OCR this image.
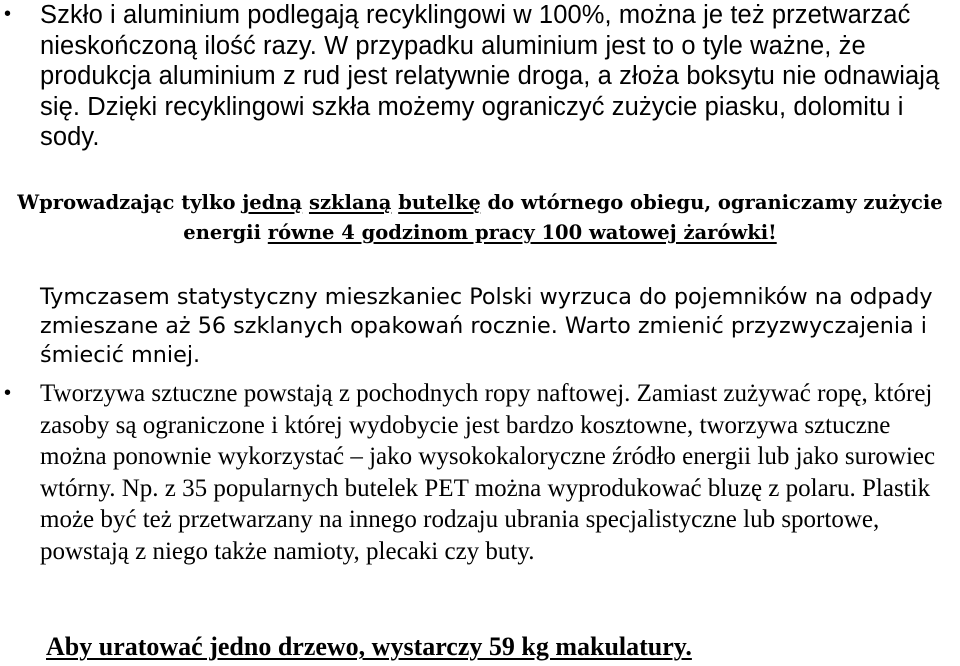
• Szkło i aluminium podlegają recyklingowi w 100%, można je też przetwarzać nieskończoną ilość razy. W przypadku aluminium jest to o tyle ważne, że produkcja aluminium z rud jest relatywnie droga, a złoża boksytu nie odnawiają się. Dzięki recyklingowi szkła możemy ograniczyć zużycie piasku, dolomitu i sody.

Wprowadzając tylko jedną szklaną butelkę do wtórnego obiegu, ograniczamy zużycie energii równe 4 godzinom pracy 100 watowej żarówki!

Tymczasem statystyczny mieszkaniec Polski wyrzuca do pojemników na odpady zmieszane aż 56 szklanych opakowań rocznie. Warto zmienić przyzwyczajenia i śmiecić mniej.

• Tworzywa sztuczne powstają z pochodnych ropy naftowej. Zamiast zużywać ropę, której zasoby są ograniczone i której wydobycie jest bardzo kosztowne, tworzywa sztuczne można ponownie wykorzystać – jako wysokokaloryczne źródło energii lub jako surowiec wtórny. Np. z 35 popularnych butelek PET można wyprodukować bluzę z polaru. Plastik może być też przetwarzany na innego rodzaju ubrania specjalistyczne lub sportowe, powstają z niego także namioty, plecaki czy buty.

Aby uratować jedno drzewo, wystarczy 59 kg makulatury.
